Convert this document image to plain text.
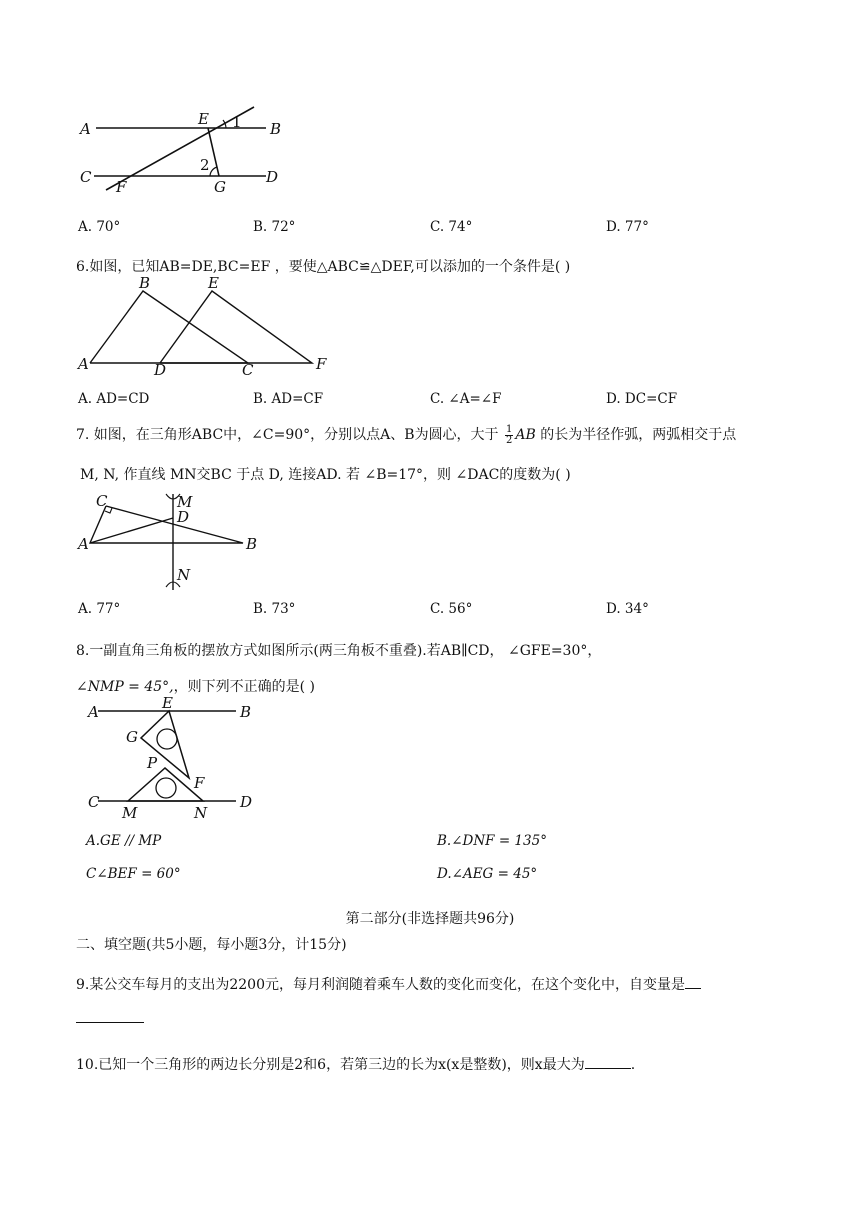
A	B
C	D
E
F	G
1
2
A. 70°	B. 72°	C. 74°	D. 77°
6.如图，已知AB=DE,BC=EF ，要使△ABC≌△DEF,可以添加的一个条件是( )
A
B
C
D
E
F
A. AD=CD	B. AD=CF	C. ∠A=∠F	D. DC=CF
7. 如图，在三角形ABC中，∠C=90°，分别以点A、B为圆心，大于 $\frac{1}{2}$ AB 的长为半径作弧，两弧相交于点
M, N, 作直线 MN交BC 于点 D, 连接AD. 若 ∠B=17°，则 ∠DAC的度数为( )
C
A	B
D
M
N
A. 77°	B. 73°	C. 56°	D. 34°
8.一副直角三角板的摆放方式如图所示(两三角板不重叠).若AB∥CD， ∠GFE=30°，
∠NMP = 45°,，则下列不正确的是( )
A	B
E
G
P
F
C	D
M	N
A.GE // MP	B.∠DNF = 135°
C∠BEF = 60°	D.∠AEG = 45°
第二部分(非选择题共96分)
二、填空题(共5小题，每小题3分，计15分)
9.某公交车每月的支出为2200元，每月利润随着乘车人数的变化而变化，在这个变化中，自变量是
10.已知一个三角形的两边长分别是2和6，若第三边的长为x(x是整数)，则x最大为	.
